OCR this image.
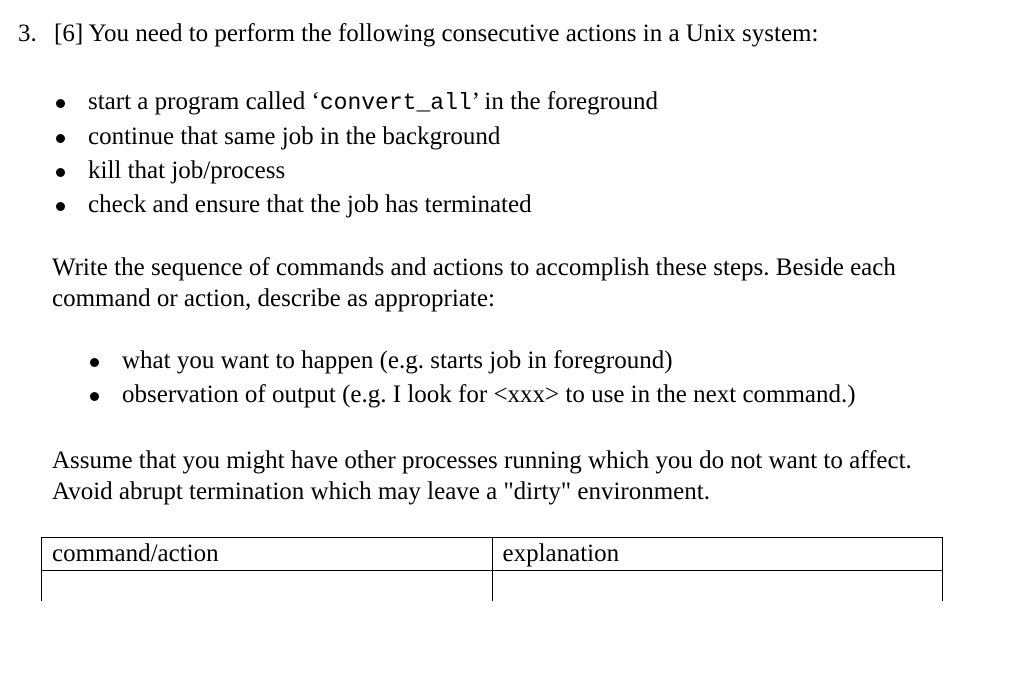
3. [6] You need to perform the following consecutive actions in a Unix system:
start a program called ‘convert_all’ in the foreground
continue that same job in the background
kill that job/process
check and ensure that the job has terminated
Write the sequence of commands and actions to accomplish these steps. Beside each command or action, describe as appropriate:
what you want to happen (e.g. starts job in foreground)
observation of output (e.g. I look for <xxx> to use in the next command.)
Assume that you might have other processes running which you do not want to affect. Avoid abrupt termination which may leave a "dirty" environment.
command/action	explanation
